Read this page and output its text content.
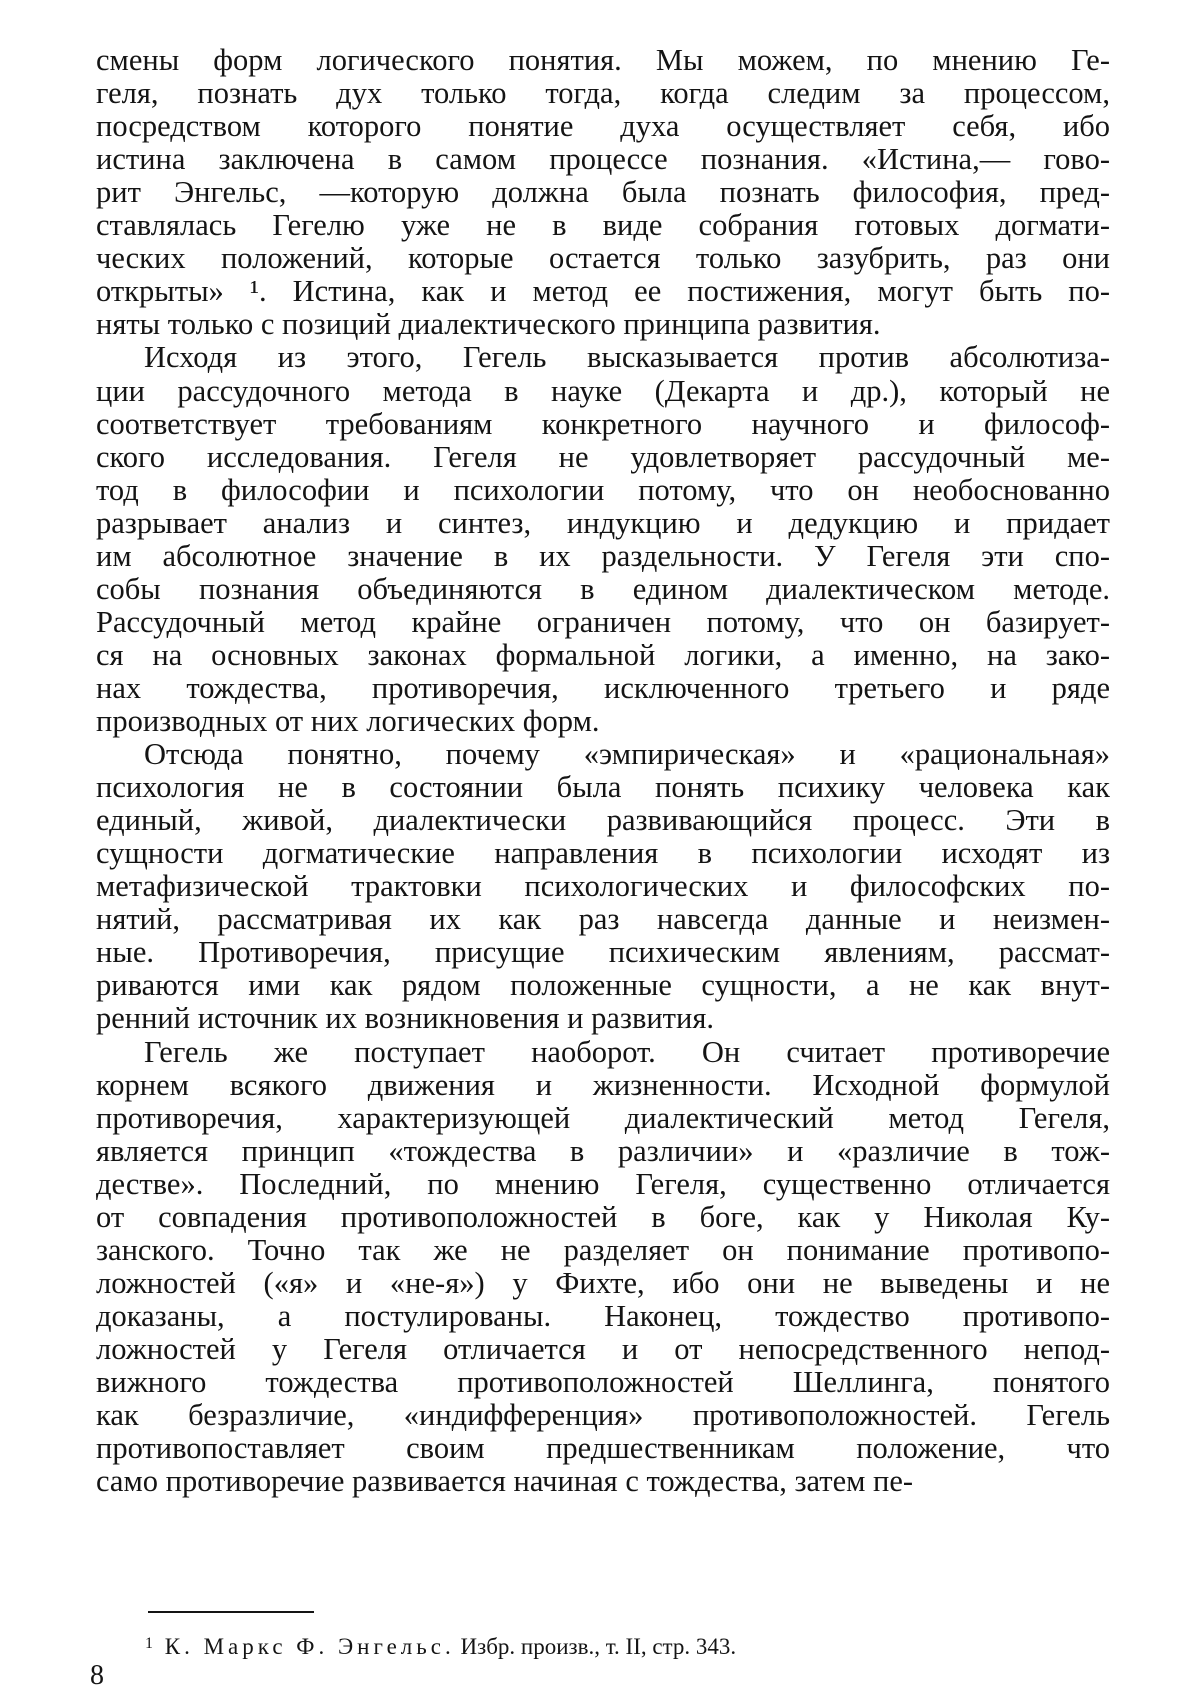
смены форм логического понятия. Мы можем, по мнению Ге-
геля, познать дух только тогда, когда следим за процессом,
посредством которого понятие духа осуществляет себя, ибо
истина заключена в самом процессе познания. «Истина,— гово-
рит Энгельс, —которую должна была познать философия, пред-
ставлялась Гегелю уже не в виде собрания готовых догмати-
ческих положений, которые остается только зазубрить, раз они
открыты» ¹. Истина, как и метод ее постижения, могут быть по-
няты только с позиций диалектического принципа развития.
Исходя из этого, Гегель высказывается против абсолютиза-
ции рассудочного метода в науке (Декарта и др.), который не
соответствует требованиям конкретного научного и философ-
ского исследования. Гегеля не удовлетворяет рассудочный ме-
тод в философии и психологии потому, что он необоснованно
разрывает анализ и синтез, индукцию и дедукцию и придает
им абсолютное значение в их раздельности. У Гегеля эти спо-
собы познания объединяются в едином диалектическом методе.
Рассудочный метод крайне ограничен потому, что он базирует-
ся на основных законах формальной логики, а именно, на зако-
нах тождества, противоречия, исключенного третьего и ряде
производных от них логических форм.
Отсюда понятно, почему «эмпирическая» и «рациональная»
психология не в состоянии была понять психику человека как
единый, живой, диалектически развивающийся процесс. Эти в
сущности догматические направления в психологии исходят из
метафизической трактовки психологических и философских по-
нятий, рассматривая их как раз навсегда данные и неизмен-
ные. Противоречия, присущие психическим явлениям, рассмат-
риваются ими как рядом положенные сущности, а не как внут-
ренний источник их возникновения и развития.
Гегель же поступает наоборот. Он считает противоречие
корнем всякого движения и жизненности. Исходной формулой
противоречия, характеризующей диалектический метод Гегеля,
является принцип «тождества в различии» и «различие в тож-
дестве». Последний, по мнению Гегеля, существенно отличается
от совпадения противоположностей в боге, как у Николая Ку-
занского. Точно так же не разделяет он понимание противопо-
ложностей («я» и «не-я») у Фихте, ибо они не выведены и не
доказаны, а постулированы. Наконец, тождество противопо-
ложностей у Гегеля отличается и от непосредственного непод-
вижного тождества противоположностей Шеллинга, понятого
как безразличие, «индифференция» противоположностей. Гегель
противопоставляет своим предшественникам положение, что
само противоречие развивается начиная с тождества, затем пе-
$^1$ К. Маркс Ф. Энгельс. Избр. произв., т. II, стр. 343.
8
